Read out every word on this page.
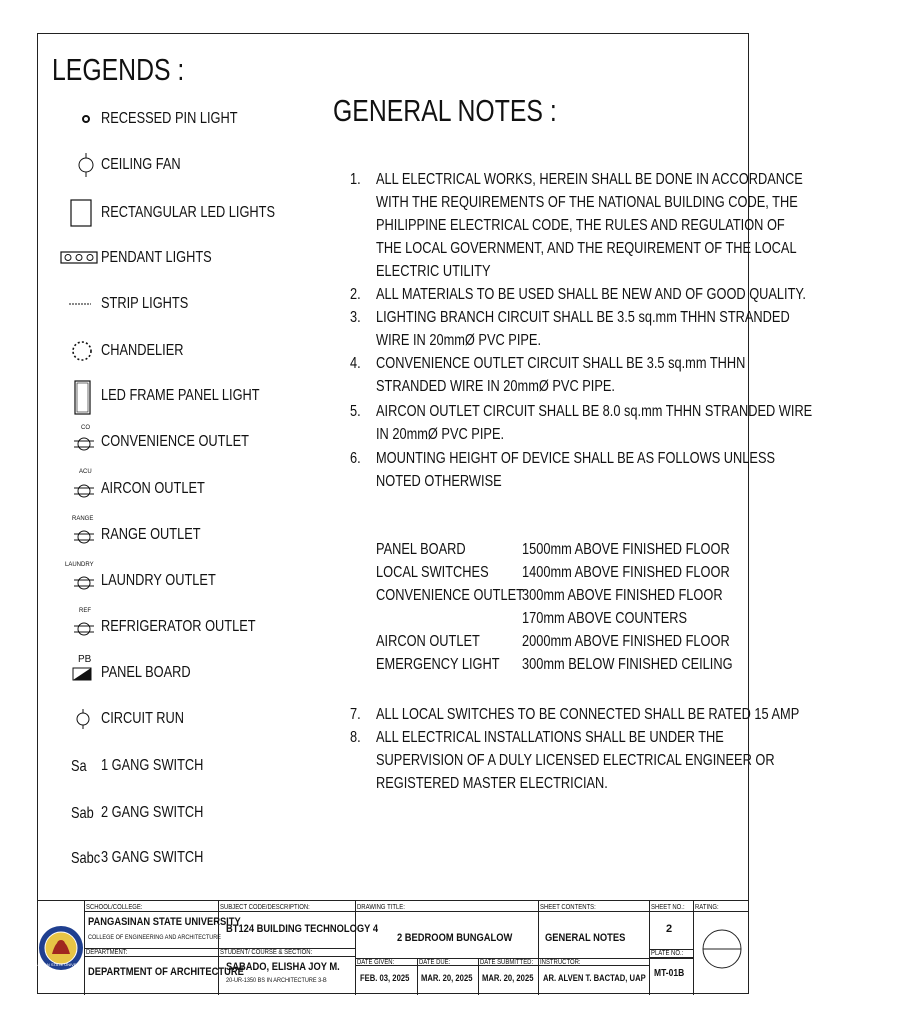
LEGENDS :
GENERAL NOTES :
RECESSED PIN LIGHT
CEILING FAN
RECTANGULAR LED LIGHTS
PENDANT LIGHTS
STRIP LIGHTS
CHANDELIER
LED FRAME PANEL LIGHT
CO
CONVENIENCE OUTLET
ACU
AIRCON OUTLET
RANGE
RANGE OUTLET
LAUNDRY
LAUNDRY OUTLET
REF
REFRIGERATOR OUTLET
PB
PANEL BOARD
CIRCUIT RUN
Sa 1 GANG SWITCH
Sab 2 GANG SWITCH
Sabc 3 GANG SWITCH
1. ALL ELECTRICAL WORKS, HEREIN SHALL BE DONE IN ACCORDANCE
WITH THE REQUIREMENTS OF THE NATIONAL BUILDING CODE, THE
PHILIPPINE ELECTRICAL CODE, THE RULES AND REGULATION OF
THE LOCAL GOVERNMENT, AND THE REQUIREMENT OF THE LOCAL
ELECTRIC UTILITY
2. ALL MATERIALS TO BE USED SHALL BE NEW AND OF GOOD QUALITY.
3. LIGHTING BRANCH CIRCUIT SHALL BE 3.5 sq.mm THHN STRANDED
WIRE IN 20mmØ PVC PIPE.
4. CONVENIENCE OUTLET CIRCUIT SHALL BE 3.5 sq.mm THHN
STRANDED WIRE IN 20mmØ PVC PIPE.
5. AIRCON OUTLET CIRCUIT SHALL BE 8.0 sq.mm THHN STRANDED WIRE
IN 20mmØ PVC PIPE.
6. MOUNTING HEIGHT OF DEVICE SHALL BE AS FOLLOWS UNLESS
NOTED OTHERWISE
PANEL BOARD	1500mm ABOVE FINISHED FLOOR
LOCAL SWITCHES 1400mm ABOVE FINISHED FLOOR
CONVENIENCE OUTLET
300mm ABOVE FINISHED FLOOR
170mm ABOVE COUNTERS
AIRCON OUTLET	2000mm ABOVE FINISHED FLOOR
EMERGENCY LIGHT 300mm BELOW FINISHED CEILING
7. ALL LOCAL SWITCHES TO BE CONNECTED SHALL BE RATED 15 AMP
8. ALL ELECTRICAL INSTALLATIONS SHALL BE UNDER THE
SUPERVISION OF A DULY LICENSED ELECTRICAL ENGINEER OR
REGISTERED MASTER ELECTRICIAN.
PANGASINAN STATE UNIVERSITY 1979
SCHOOL/COLLEGE:
PANGASINAN STATE UNIVERSITY
COLLEGE OF ENGINEERING AND ARCHITECTURE
DEPARTMENT:
DEPARTMENT OF ARCHITECTURE
SUBJECT CODE/DESCRIPTION:
BT124 BUILDING TECHNOLOGY 4
STUDENT/ COURSE & SECTION:
SABADO, ELISHA JOY M.
20-UR-1350 BS IN ARCHITECTURE 3-B
DRAWING TITLE:
2 BEDROOM BUNGALOW
DATE GIVEN:
FEB. 03, 2025
DATE DUE:
MAR. 20, 2025
DATE SUBMITTED:
MAR. 20, 2025
SHEET CONTENTS:
GENERAL NOTES
INSTRUCTOR:
AR. ALVEN T. BACTAD, UAP
SHEET NO.:
2
PLATE NO.:
MT-01B
RATING:
